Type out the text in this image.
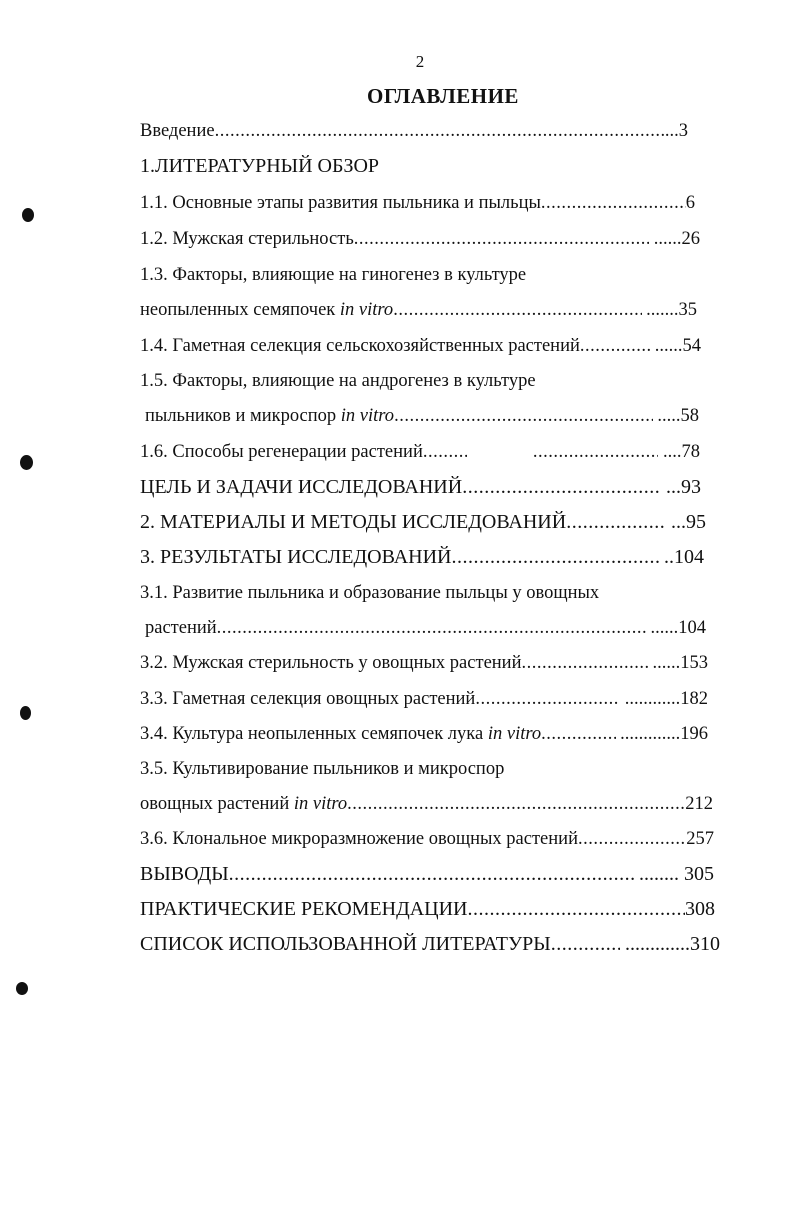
2
ОГЛАВЛЕНИЕ
Введение .....	...3
1.ЛИТЕРАТУРНЫЙ ОБЗОР
1.1. Основные этапы развития пыльника и пыльцы .....	6
1.2. Мужская стерильность .....	......26
1.3. Факторы, влияющие на гиногенез в культуре
неопыленных семяпочек in vitro .....	.......35
1.4. Гаметная селекция сельскохозяйственных растений .....	......54
1.5. Факторы, влияющие на андрогенез в культуре
пыльников и микроспор in vitro .....	.....58
1.6. Способы регенерации растений ..... .....	....78
ЦЕЛЬ И ЗАДАЧИ ИССЛЕДОВАНИЙ .....	...93
2. МАТЕРИАЛЫ И МЕТОДЫ ИССЛЕДОВАНИЙ .....	...95
3. РЕЗУЛЬТАТЫ ИССЛЕДОВАНИЙ .....	..104
3.1. Развитие пыльника и образование пыльцы у овощных
растений .....	......104
3.2. Мужская стерильность у овощных растений .....	......153
3.3. Гаметная селекция овощных растений .....	............182
3.4. Культура неопыленных семяпочек лука in vitro .....	.............196
3.5. Культивирование пыльников и микроспор
овощных растений in vitro .....	212
3.6. Клональное микроразмножение овощных растений .....	257
ВЫВОДЫ .....	........ 305
ПРАКТИЧЕСКИЕ РЕКОМЕНДАЦИИ .....	308
СПИСОК ИСПОЛЬЗОВАННОЙ ЛИТЕРАТУРЫ .....	.............310
